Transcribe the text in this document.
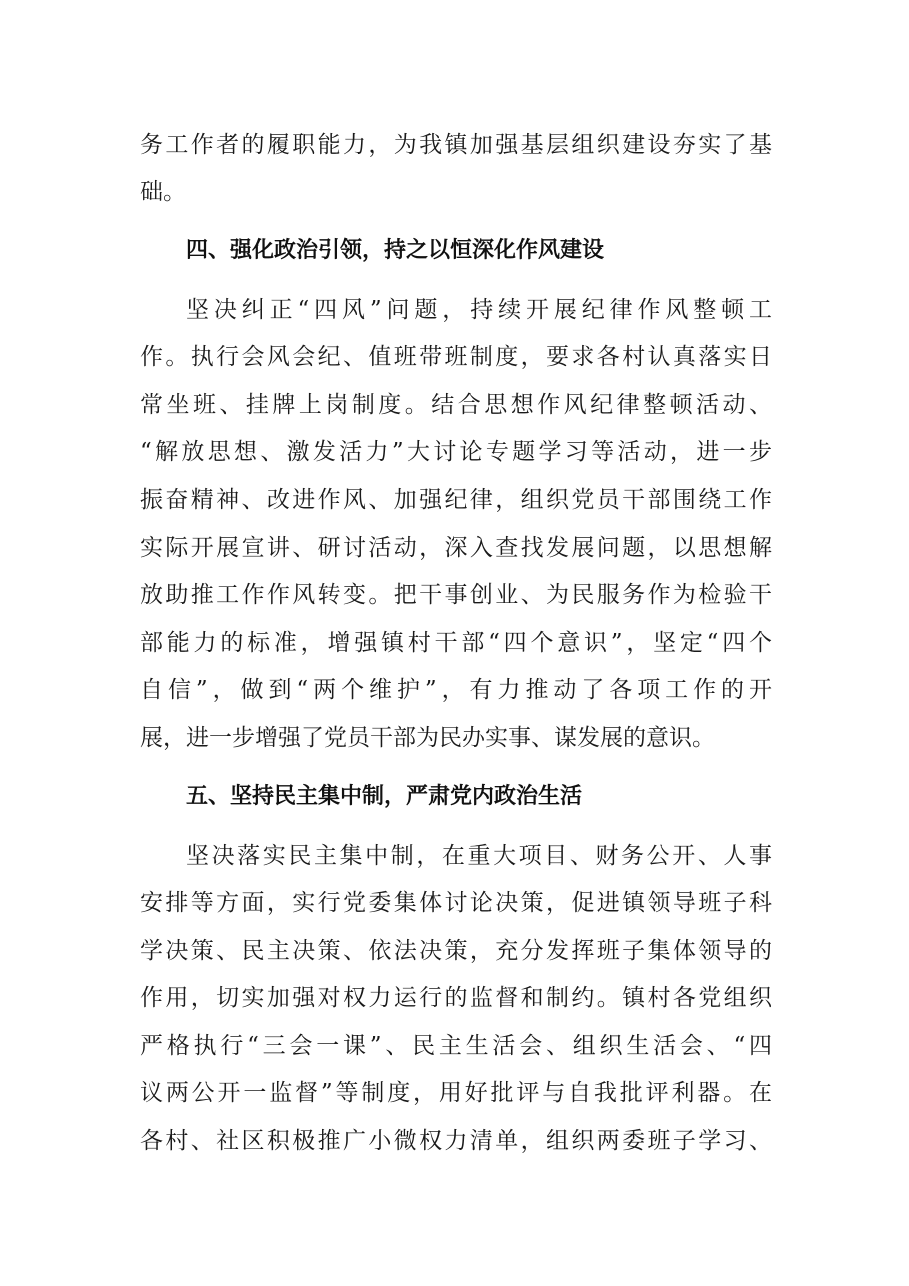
务工作者的履职能力，为我镇加强基层组织建设夯实了基
础。
四、强化政治引领，持之以恒深化作风建设
坚决纠正“四风”问题，持续开展纪律作风整顿工
作。执行会风会纪、值班带班制度，要求各村认真落实日
常坐班、挂牌上岗制度。结合思想作风纪律整顿活动、
“解放思想、激发活力”大讨论专题学习等活动，进一步
振奋精神、改进作风、加强纪律，组织党员干部围绕工作
实际开展宣讲、研讨活动，深入查找发展问题，以思想解
放助推工作作风转变。把干事创业、为民服务作为检验干
部能力的标准，增强镇村干部“四个意识”，坚定“四个
自信”，做到“两个维护”，有力推动了各项工作的开
展，进一步增强了党员干部为民办实事、谋发展的意识。
五、坚持民主集中制，严肃党内政治生活
坚决落实民主集中制，在重大项目、财务公开、人事
安排等方面，实行党委集体讨论决策，促进镇领导班子科
学决策、民主决策、依法决策，充分发挥班子集体领导的
作用，切实加强对权力运行的监督和制约。镇村各党组织
严格执行“三会一课”、民主生活会、组织生活会、“四
议两公开一监督”等制度，用好批评与自我批评利器。在
各村、社区积极推广小微权力清单，组织两委班子学习、
